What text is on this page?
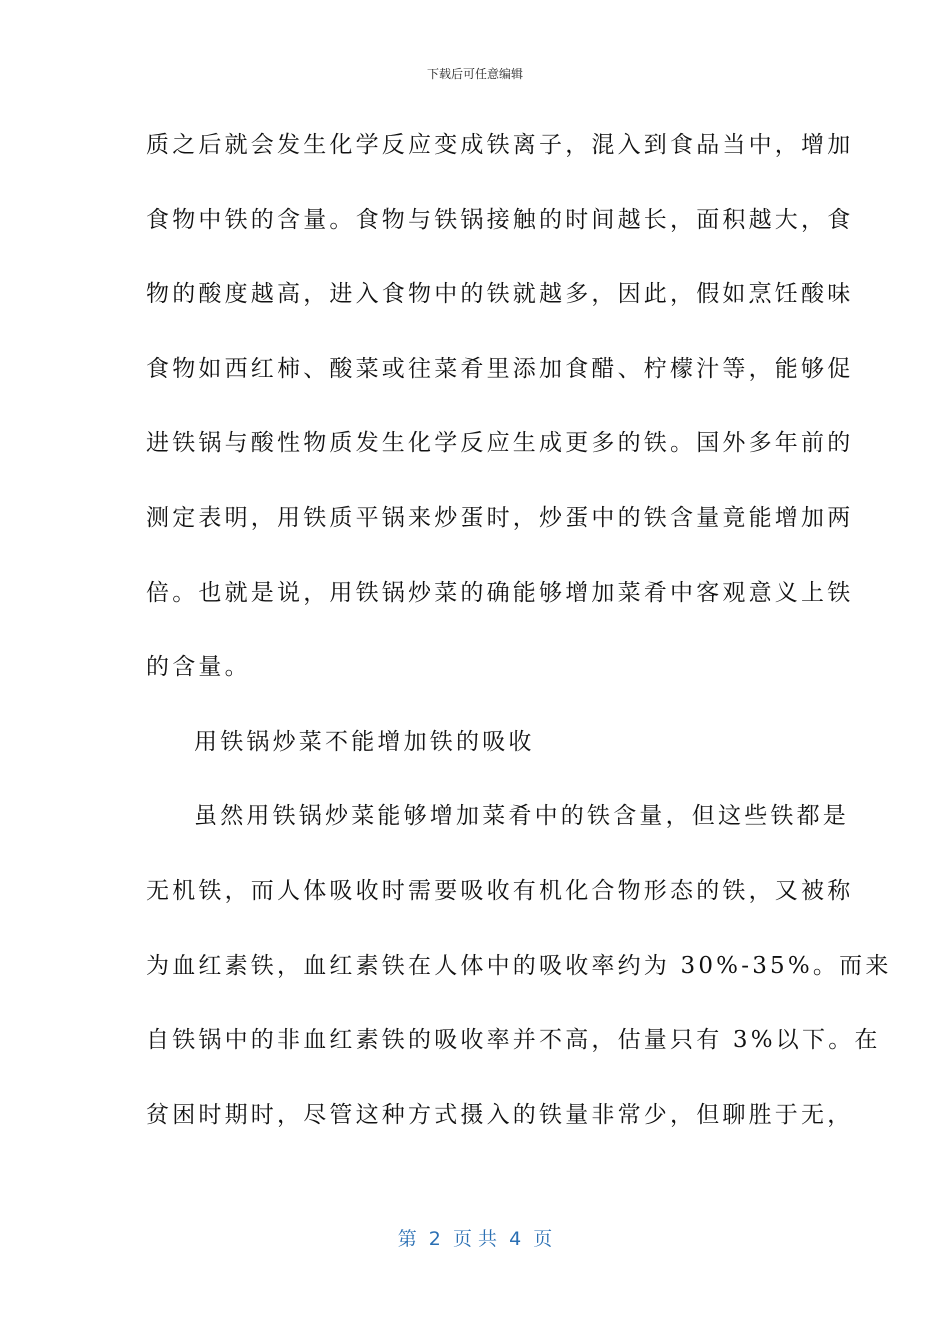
下载后可任意编辑
质之后就会发生化学反应变成铁离子，混入到食品当中，增加
食物中铁的含量。食物与铁锅接触的时间越长，面积越大，食
物的酸度越高，进入食物中的铁就越多，因此，假如烹饪酸味
食物如西红柿、酸菜或往菜肴里添加食醋、柠檬汁等，能够促
进铁锅与酸性物质发生化学反应生成更多的铁。国外多年前的
测定表明，用铁质平锅来炒蛋时，炒蛋中的铁含量竟能增加两
倍。也就是说，用铁锅炒菜的确能够增加菜肴中客观意义上铁
的含量。
用铁锅炒菜不能增加铁的吸收
虽然用铁锅炒菜能够增加菜肴中的铁含量，但这些铁都是
无机铁，而人体吸收时需要吸收有机化合物形态的铁，又被称
为血红素铁，血红素铁在人体中的吸收率约为 30%-35%。而来
自铁锅中的非血红素铁的吸收率并不高，估量只有 3%以下。在
贫困时期时，尽管这种方式摄入的铁量非常少，但聊胜于无，
第  2  页 共  4  页
